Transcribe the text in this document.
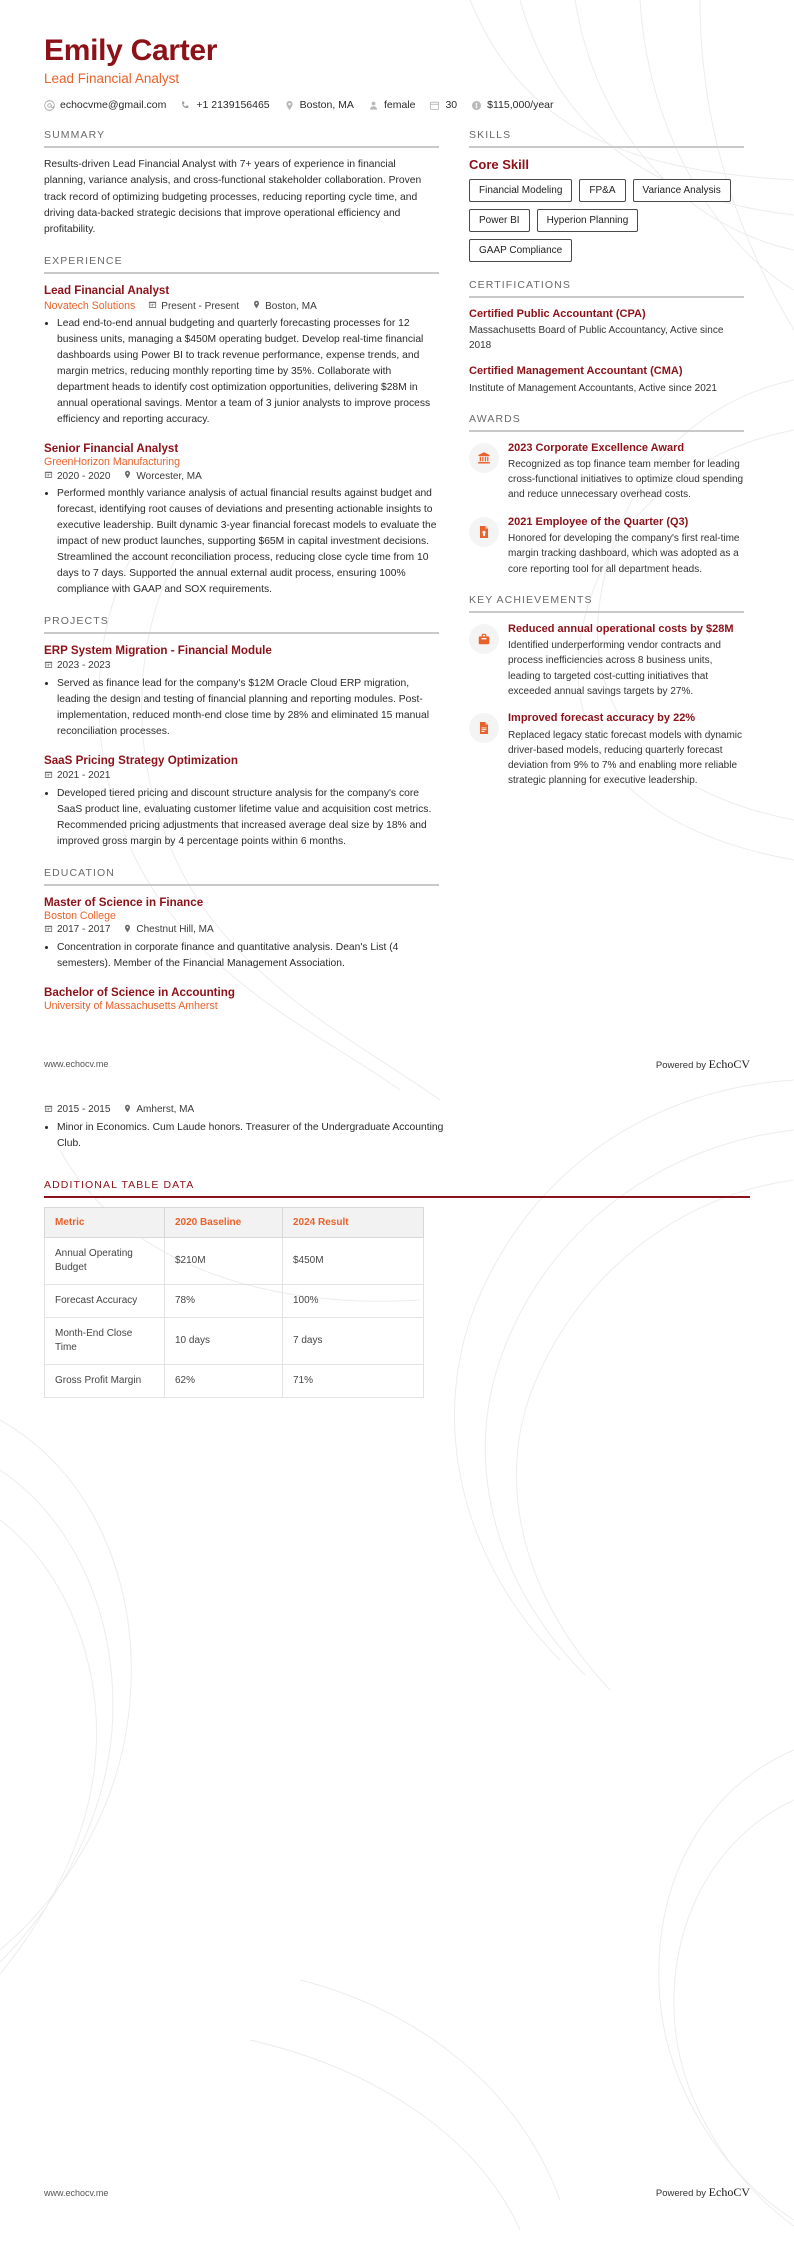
Emily Carter
Lead Financial Analyst
echocvme@gmail.com	+1 2139156465	Boston, MA	female	30	$115,000/year
SUMMARY
Results-driven Lead Financial Analyst with 7+ years of experience in financial planning, variance analysis, and cross-functional stakeholder collaboration. Proven track record of optimizing budgeting processes, reducing reporting cycle time, and driving data-backed strategic decisions that improve operational efficiency and profitability.
EXPERIENCE
Lead Financial Analyst
Novatech Solutions	Present - Present	Boston, MA
• Lead end-to-end annual budgeting and quarterly forecasting processes for 12 business units, managing a $450M operating budget. Develop real-time financial dashboards using Power BI to track revenue performance, expense trends, and margin metrics, reducing monthly reporting time by 35%. Collaborate with department heads to identify cost optimization opportunities, delivering $28M in annual operational savings. Mentor a team of 3 junior analysts to improve process efficiency and reporting accuracy.
Senior Financial Analyst
GreenHorizon Manufacturing
2020 - 2020	Worcester, MA
• Performed monthly variance analysis of actual financial results against budget and forecast, identifying root causes of deviations and presenting actionable insights to executive leadership. Built dynamic 3-year financial forecast models to evaluate the impact of new product launches, supporting $65M in capital investment decisions. Streamlined the account reconciliation process, reducing close cycle time from 10 days to 7 days. Supported the annual external audit process, ensuring 100% compliance with GAAP and SOX requirements.
PROJECTS
ERP System Migration - Financial Module
2023 - 2023
• Served as finance lead for the company's $12M Oracle Cloud ERP migration, leading the design and testing of financial planning and reporting modules. Post-implementation, reduced month-end close time by 28% and eliminated 15 manual reconciliation processes.
SaaS Pricing Strategy Optimization
2021 - 2021
• Developed tiered pricing and discount structure analysis for the company's core SaaS product line, evaluating customer lifetime value and acquisition cost metrics. Recommended pricing adjustments that increased average deal size by 18% and improved gross margin by 4 percentage points within 6 months.
EDUCATION
Master of Science in Finance
Boston College
2017 - 2017	Chestnut Hill, MA
• Concentration in corporate finance and quantitative analysis. Dean's List (4 semesters). Member of the Financial Management Association.
Bachelor of Science in Accounting
University of Massachusetts Amherst
SKILLS
Core Skill
Financial Modeling	FP&A	Variance Analysis
Power BI	Hyperion Planning
GAAP Compliance
CERTIFICATIONS
Certified Public Accountant (CPA)
Massachusetts Board of Public Accountancy, Active since 2018
Certified Management Accountant (CMA)
Institute of Management Accountants, Active since 2021
AWARDS
2023 Corporate Excellence Award
Recognized as top finance team member for leading cross-functional initiatives to optimize cloud spending and reduce unnecessary overhead costs.
2021 Employee of the Quarter (Q3)
Honored for developing the company's first real-time margin tracking dashboard, which was adopted as a core reporting tool for all department heads.
KEY ACHIEVEMENTS
Reduced annual operational costs by $28M
Identified underperforming vendor contracts and process inefficiencies across 8 business units, leading to targeted cost-cutting initiatives that exceeded annual savings targets by 27%.
Improved forecast accuracy by 22%
Replaced legacy static forecast models with dynamic driver-based models, reducing quarterly forecast deviation from 9% to 7% and enabling more reliable strategic planning for executive leadership.
www.echocv.me	Powered by EchoCV
2015 - 2015	Amherst, MA
• Minor in Economics. Cum Laude honors. Treasurer of the Undergraduate Accounting Club.
ADDITIONAL TABLE DATA
Metric	2020 Baseline	2024 Result
Annual Operating Budget	$210M	$450M
Forecast Accuracy	78%	100%
Month-End Close Time	10 days	7 days
Gross Profit Margin	62%	71%
www.echocv.me	Powered by EchoCV
